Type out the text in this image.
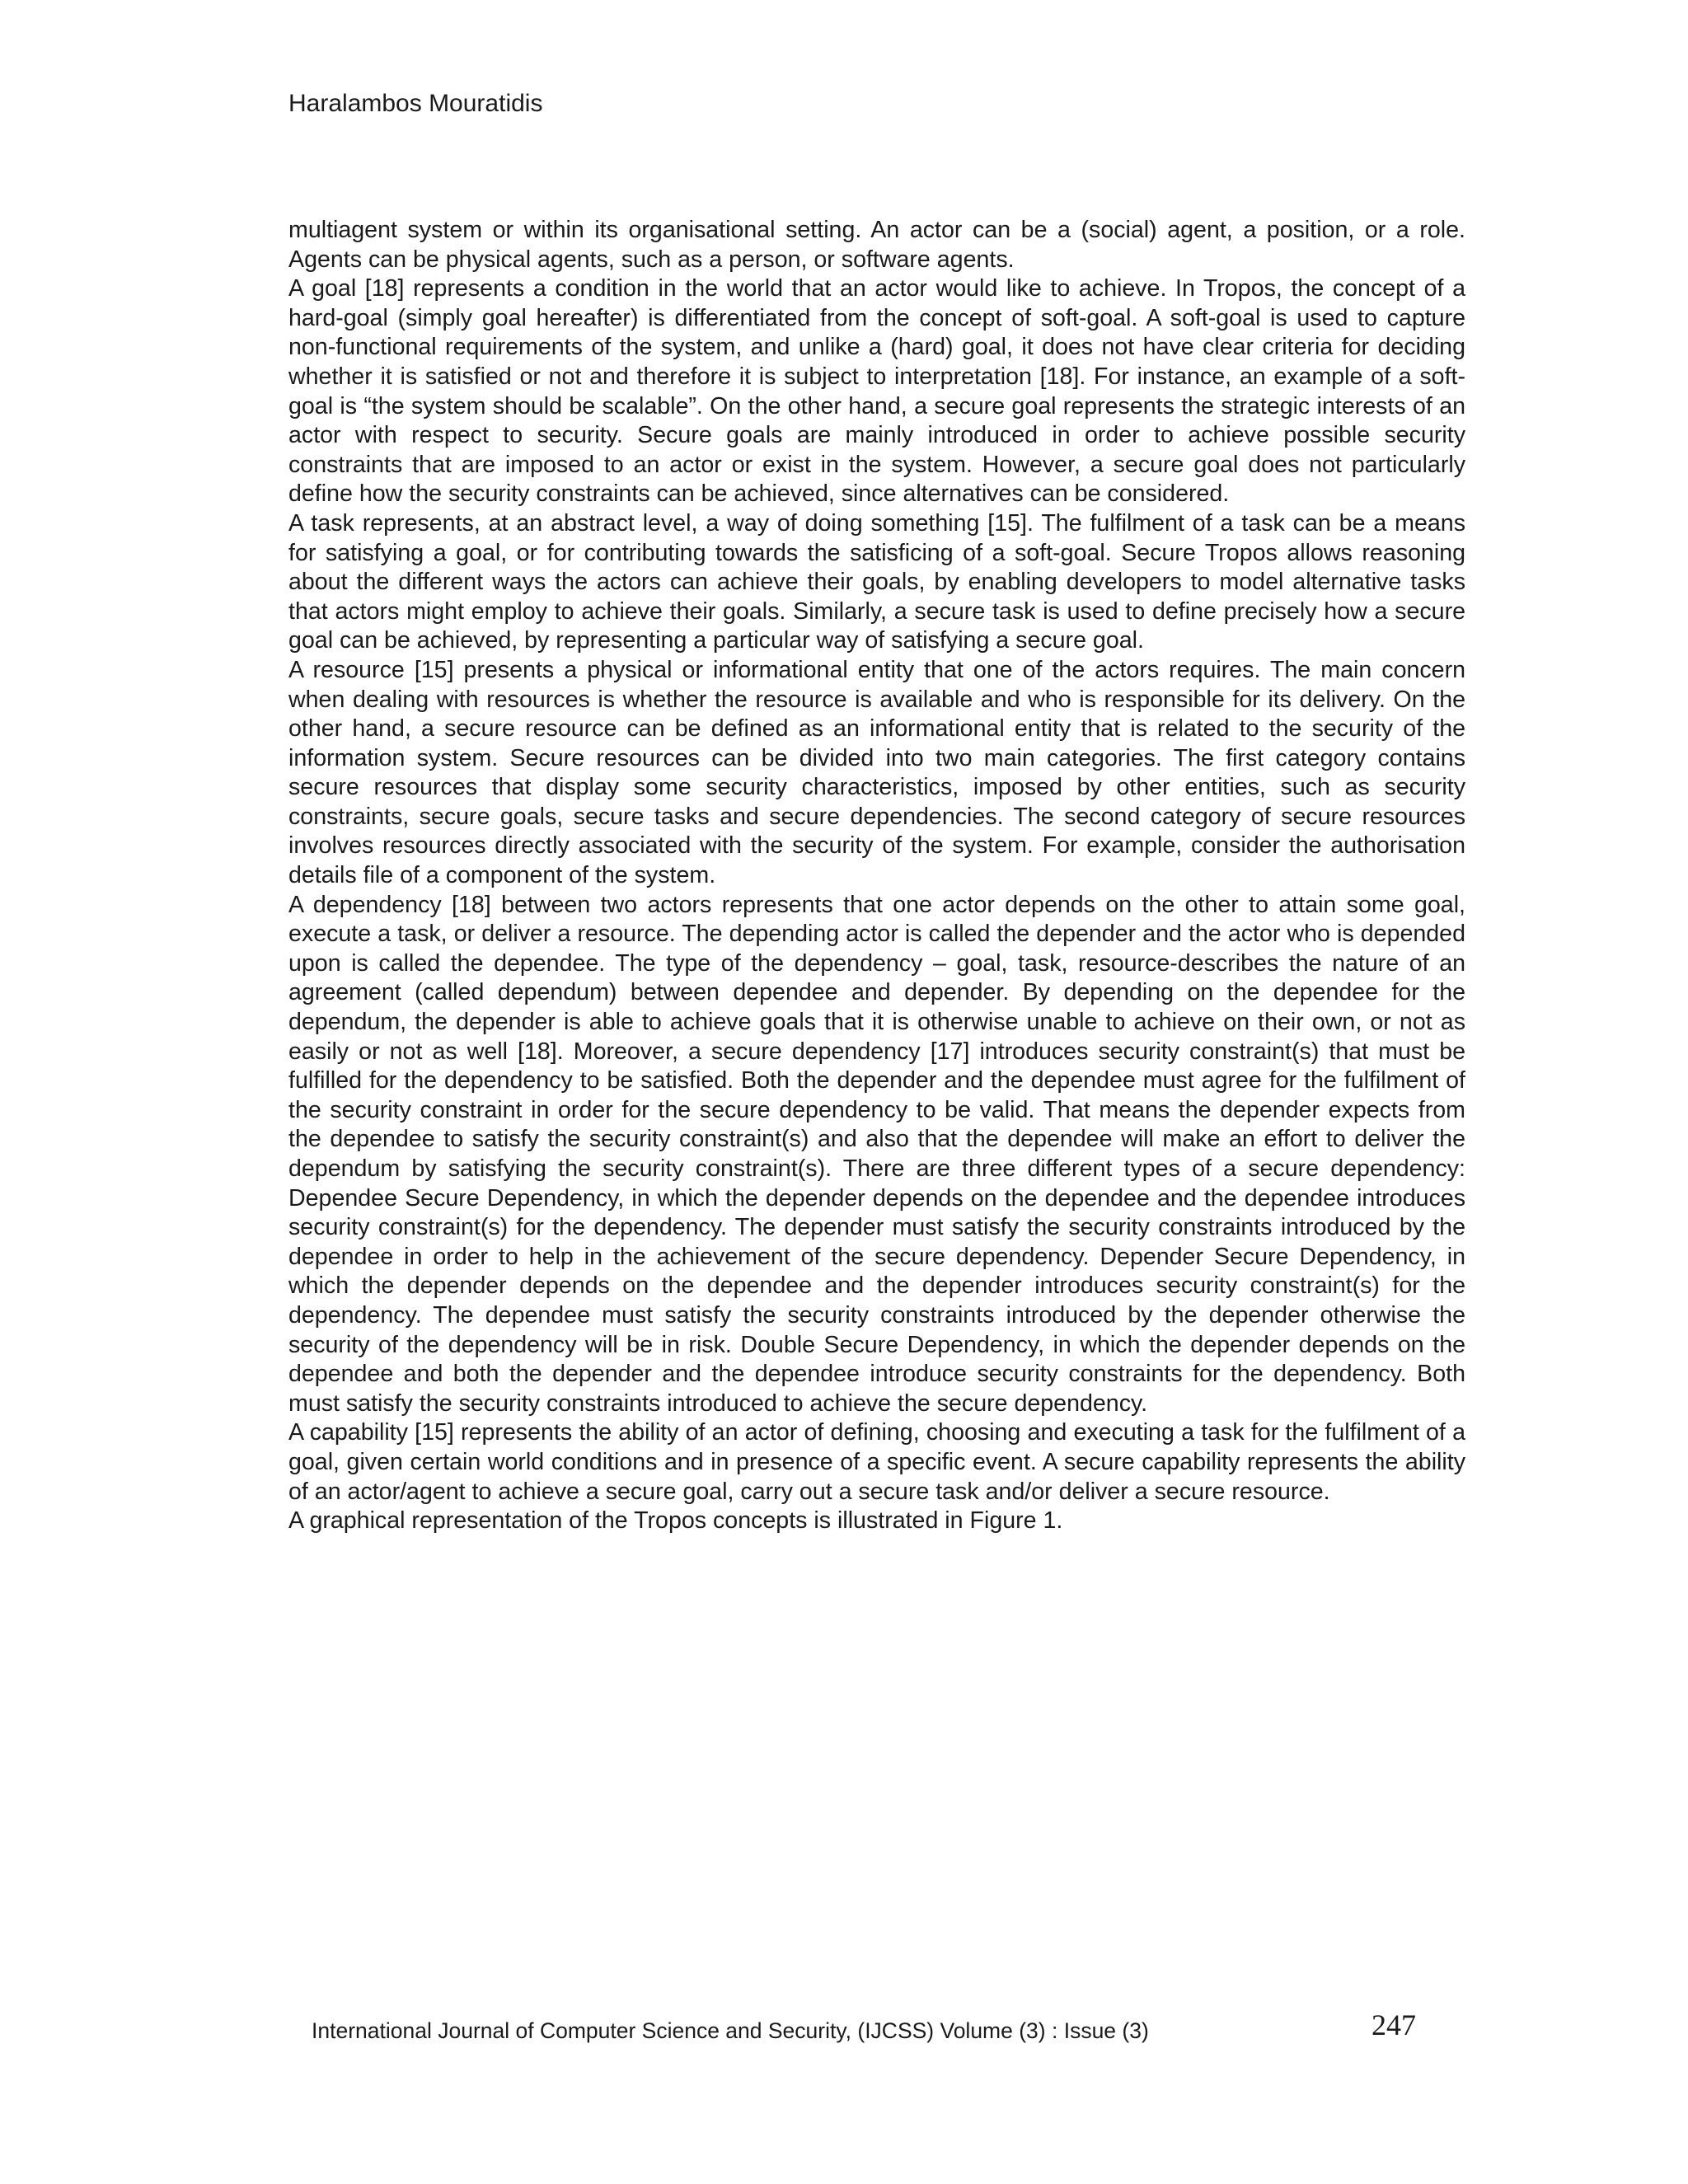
Haralambos Mouratidis

multiagent system or within its organisational setting. An actor can be a (social) agent, a position, or a role. Agents can be physical agents, such as a person, or software agents.

A goal [18] represents a condition in the world that an actor would like to achieve. In Tropos, the concept of a hard-goal (simply goal hereafter) is differentiated from the concept of soft-goal. A soft-goal is used to capture non-functional requirements of the system, and unlike a (hard) goal, it does not have clear criteria for deciding whether it is satisfied or not and therefore it is subject to interpretation [18]. For instance, an example of a soft-goal is “the system should be scalable”. On the other hand, a secure goal represents the strategic interests of an actor with respect to security. Secure goals are mainly introduced in order to achieve possible security constraints that are imposed to an actor or exist in the system. However, a secure goal does not particularly define how the security constraints can be achieved, since alternatives can be considered.

A task represents, at an abstract level, a way of doing something [15]. The fulfilment of a task can be a means for satisfying a goal, or for contributing towards the satisficing of a soft-goal. Secure Tropos allows reasoning about the different ways the actors can achieve their goals, by enabling developers to model alternative tasks that actors might employ to achieve their goals. Similarly, a secure task is used to define precisely how a secure goal can be achieved, by representing a particular way of satisfying a secure goal.

A resource [15] presents a physical or informational entity that one of the actors requires. The main concern when dealing with resources is whether the resource is available and who is responsible for its delivery. On the other hand, a secure resource can be defined as an informational entity that is related to the security of the information system. Secure resources can be divided into two main categories. The first category contains secure resources that display some security characteristics, imposed by other entities, such as security constraints, secure goals, secure tasks and secure dependencies. The second category of secure resources involves resources directly associated with the security of the system. For example, consider the authorisation details file of a component of the system.

A dependency [18] between two actors represents that one actor depends on the other to attain some goal, execute a task, or deliver a resource. The depending actor is called the depender and the actor who is depended upon is called the dependee. The type of the dependency – goal, task, resource-describes the nature of an agreement (called dependum) between dependee and depender. By depending on the dependee for the dependum, the depender is able to achieve goals that it is otherwise unable to achieve on their own, or not as easily or not as well [18]. Moreover, a secure dependency [17] introduces security constraint(s) that must be fulfilled for the dependency to be satisfied. Both the depender and the dependee must agree for the fulfilment of the security constraint in order for the secure dependency to be valid. That means the depender expects from the dependee to satisfy the security constraint(s) and also that the dependee will make an effort to deliver the dependum by satisfying the security constraint(s). There are three different types of a secure dependency: Dependee Secure Dependency, in which the depender depends on the dependee and the dependee introduces security constraint(s) for the dependency. The depender must satisfy the security constraints introduced by the dependee in order to help in the achievement of the secure dependency. Depender Secure Dependency, in which the depender depends on the dependee and the depender introduces security constraint(s) for the dependency. The dependee must satisfy the security constraints introduced by the depender otherwise the security of the dependency will be in risk. Double Secure Dependency, in which the depender depends on the dependee and both the depender and the dependee introduce security constraints for the dependency. Both must satisfy the security constraints introduced to achieve the secure dependency.

A capability [15] represents the ability of an actor of defining, choosing and executing a task for the fulfilment of a goal, given certain world conditions and in presence of a specific event. A secure capability represents the ability of an actor/agent to achieve a secure goal, carry out a secure task and/or deliver a secure resource.

A graphical representation of the Tropos concepts is illustrated in Figure 1.

International Journal of Computer Science and Security, (IJCSS) Volume (3) : Issue (3)	247
